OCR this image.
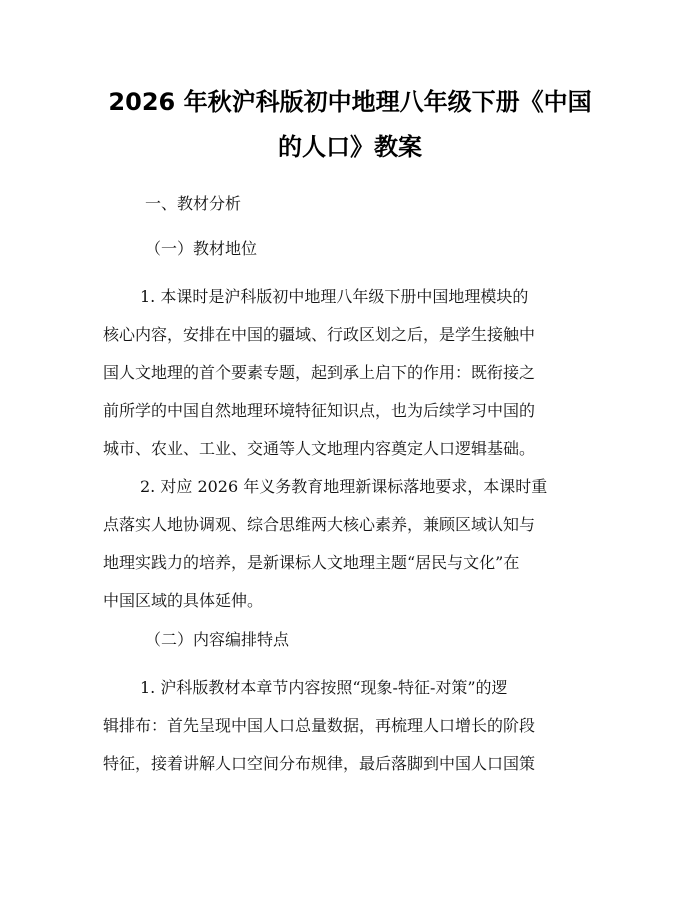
2026 年秋沪科版初中地理八年级下册《中国
的人口》教案
一、教材分析
（一）教材地位
1. 本课时是沪科版初中地理八年级下册中国地理模块的
核心内容，安排在中国的疆域、行政区划之后，是学生接触中
国人文地理的首个要素专题，起到承上启下的作用：既衔接之
前所学的中国自然地理环境特征知识点，也为后续学习中国的
城市、农业、工业、交通等人文地理内容奠定人口逻辑基础。
2. 对应 2026 年义务教育地理新课标落地要求，本课时重
点落实人地协调观、综合思维两大核心素养，兼顾区域认知与
地理实践力的培养，是新课标人文地理主题“居民与文化”在
中国区域的具体延伸。
（二）内容编排特点
1. 沪科版教材本章节内容按照“现象-特征-对策”的逻
辑排布：首先呈现中国人口总量数据，再梳理人口增长的阶段
特征，接着讲解人口空间分布规律，最后落脚到中国人口国策
